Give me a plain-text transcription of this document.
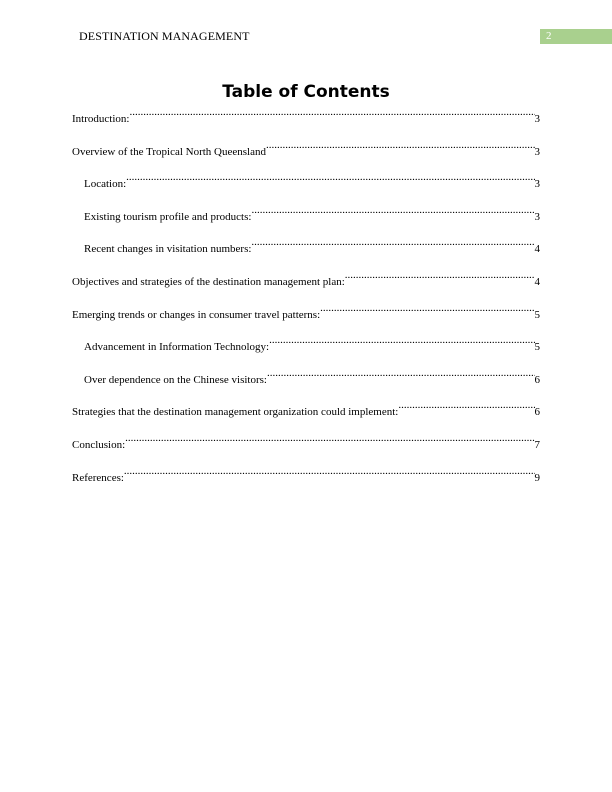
DESTINATION MANAGEMENT	2
Table of Contents
Introduction: .....	3
Overview of the Tropical North Queensland .....	3
Location: .....	3
Existing tourism profile and products: .....	3
Recent changes in visitation numbers: .....	4
Objectives and strategies of the destination management plan: .....	4
Emerging trends or changes in consumer travel patterns: .....	5
Advancement in Information Technology: .....	5
Over dependence on the Chinese visitors: .....	6
Strategies that the destination management organization could implement: .....	6
Conclusion: .....	7
References: .....	9
